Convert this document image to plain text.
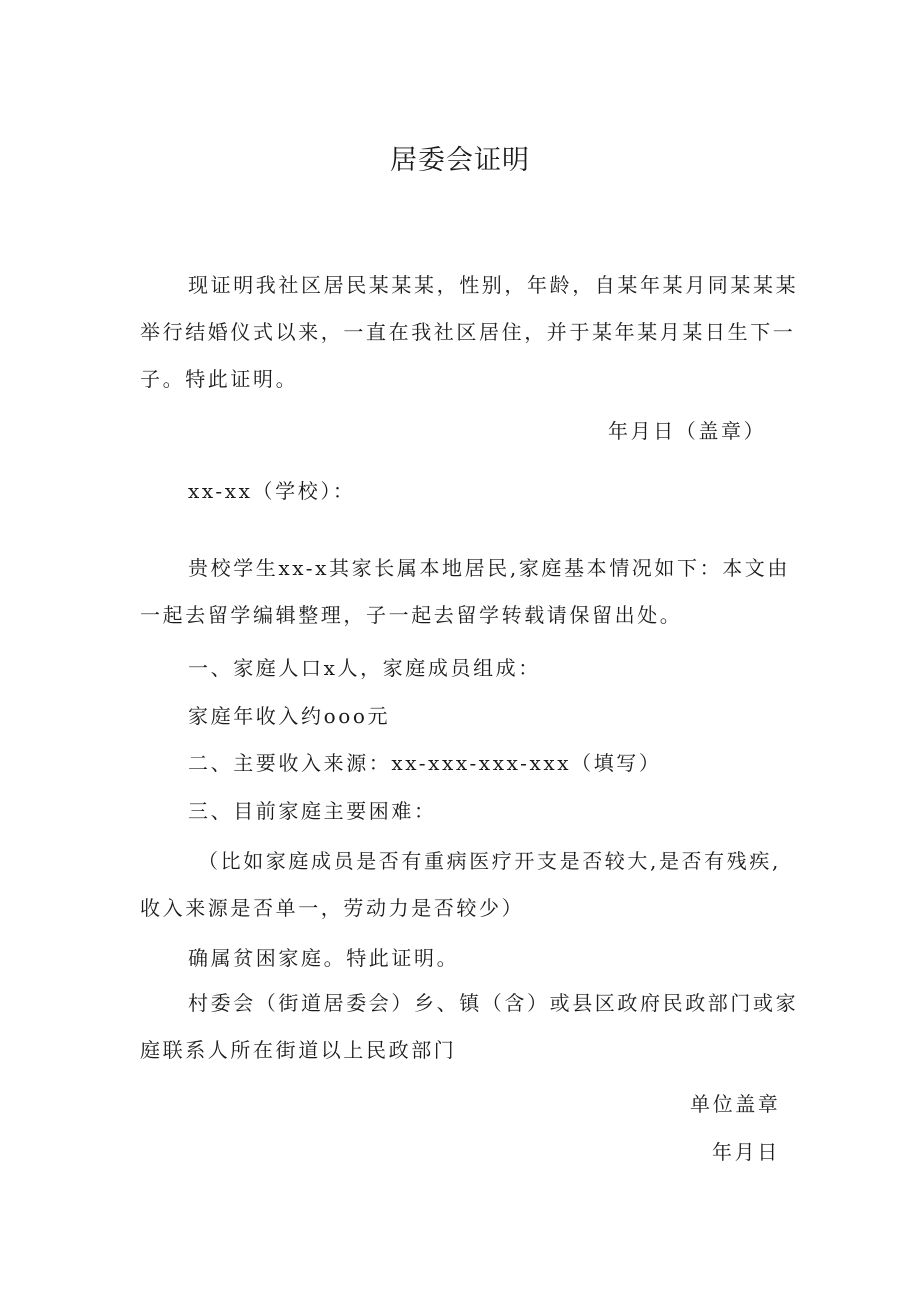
居委会证明

现证明我社区居民某某某，性别，年龄，自某年某月同某某某举行结婚仪式以来，一直在我社区居住，并于某年某月某日生下一子。特此证明。

年月日（盖章）

xx-xx（学校）：

贵校学生xx-x其家长属本地居民,家庭基本情况如下：本文由一起去留学编辑整理，子一起去留学转载请保留出处。

一、家庭人口x人，家庭成员组成：

家庭年收入约ooo元

二、主要收入来源：xx-xxx-xxx-xxx（填写）

三、目前家庭主要困难：

（比如家庭成员是否有重病医疗开支是否较大,是否有残疾,收入来源是否单一，劳动力是否较少）

确属贫困家庭。特此证明。

村委会（街道居委会）乡、镇（含）或县区政府民政部门或家庭联系人所在街道以上民政部门

单位盖章

年月日
